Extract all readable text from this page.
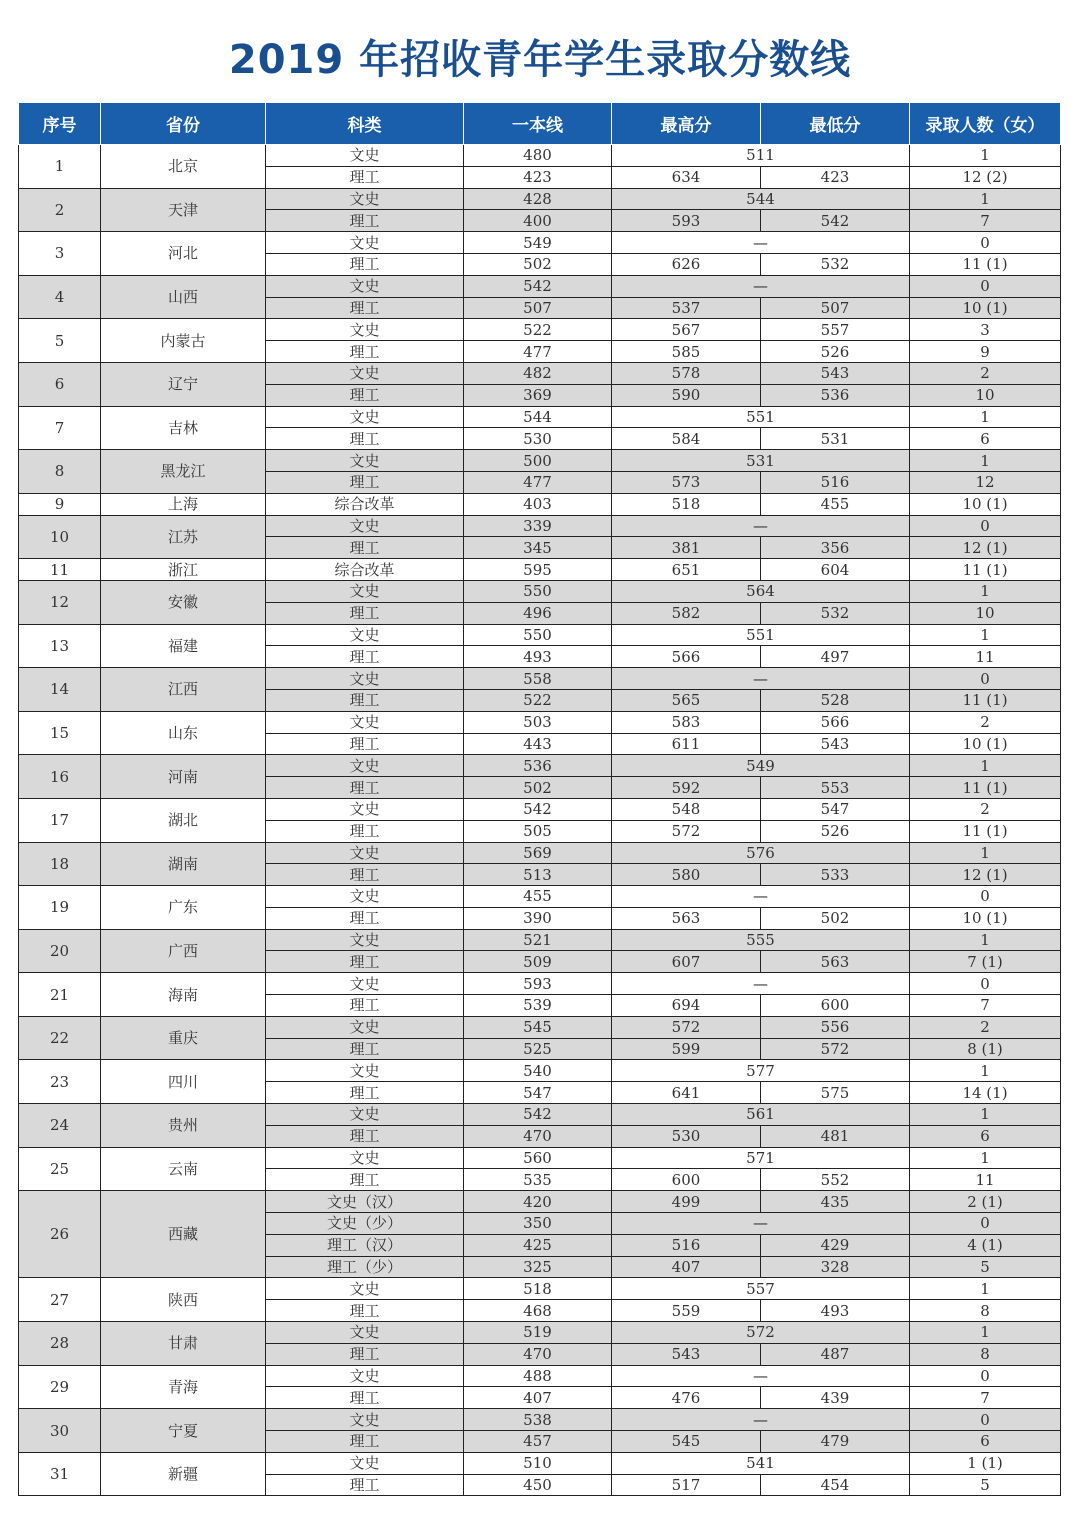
2019 年招收青年学生录取分数线
序号	省份	科类	一本线	最高分	最低分	录取人数（女）
1	北京	文史	480	511		1
		理工	423	634	423	12 (2)
2	天津	文史	428	544		1
		理工	400	593	542	7
3	河北	文史	549	—		0
		理工	502	626	532	11 (1)
4	山西	文史	542	—		0
		理工	507	537	507	10 (1)
5	内蒙古	文史	522	567	557	3
		理工	477	585	526	9
6	辽宁	文史	482	578	543	2
		理工	369	590	536	10
7	吉林	文史	544	551		1
		理工	530	584	531	6
8	黑龙江	文史	500	531		1
		理工	477	573	516	12
9	上海	综合改革	403	518	455	10 (1)
10	江苏	文史	339	—		0
		理工	345	381	356	12 (1)
11	浙江	综合改革	595	651	604	11 (1)
12	安徽	文史	550	564		1
		理工	496	582	532	10
13	福建	文史	550	551		1
		理工	493	566	497	11
14	江西	文史	558	—		0
		理工	522	565	528	11 (1)
15	山东	文史	503	583	566	2
		理工	443	611	543	10 (1)
16	河南	文史	536	549		1
		理工	502	592	553	11 (1)
17	湖北	文史	542	548	547	2
		理工	505	572	526	11 (1)
18	湖南	文史	569	576		1
		理工	513	580	533	12 (1)
19	广东	文史	455	—		0
		理工	390	563	502	10 (1)
20	广西	文史	521	555		1
		理工	509	607	563	7 (1)
21	海南	文史	593	—		0
		理工	539	694	600	7
22	重庆	文史	545	572	556	2
		理工	525	599	572	8 (1)
23	四川	文史	540	577		1
		理工	547	641	575	14 (1)
24	贵州	文史	542	561		1
		理工	470	530	481	6
25	云南	文史	560	571		1
		理工	535	600	552	11
26	西藏	文史（汉）	420	499	435	2 (1)
		文史（少）	350	—		0
		理工（汉）	425	516	429	4 (1)
		理工（少）	325	407	328	5
27	陕西	文史	518	557		1
		理工	468	559	493	8
28	甘肃	文史	519	572		1
		理工	470	543	487	8
29	青海	文史	488	—		0
		理工	407	476	439	7
30	宁夏	文史	538	—		0
		理工	457	545	479	6
31	新疆	文史	510	541		1 (1)
		理工	450	517	454	5
